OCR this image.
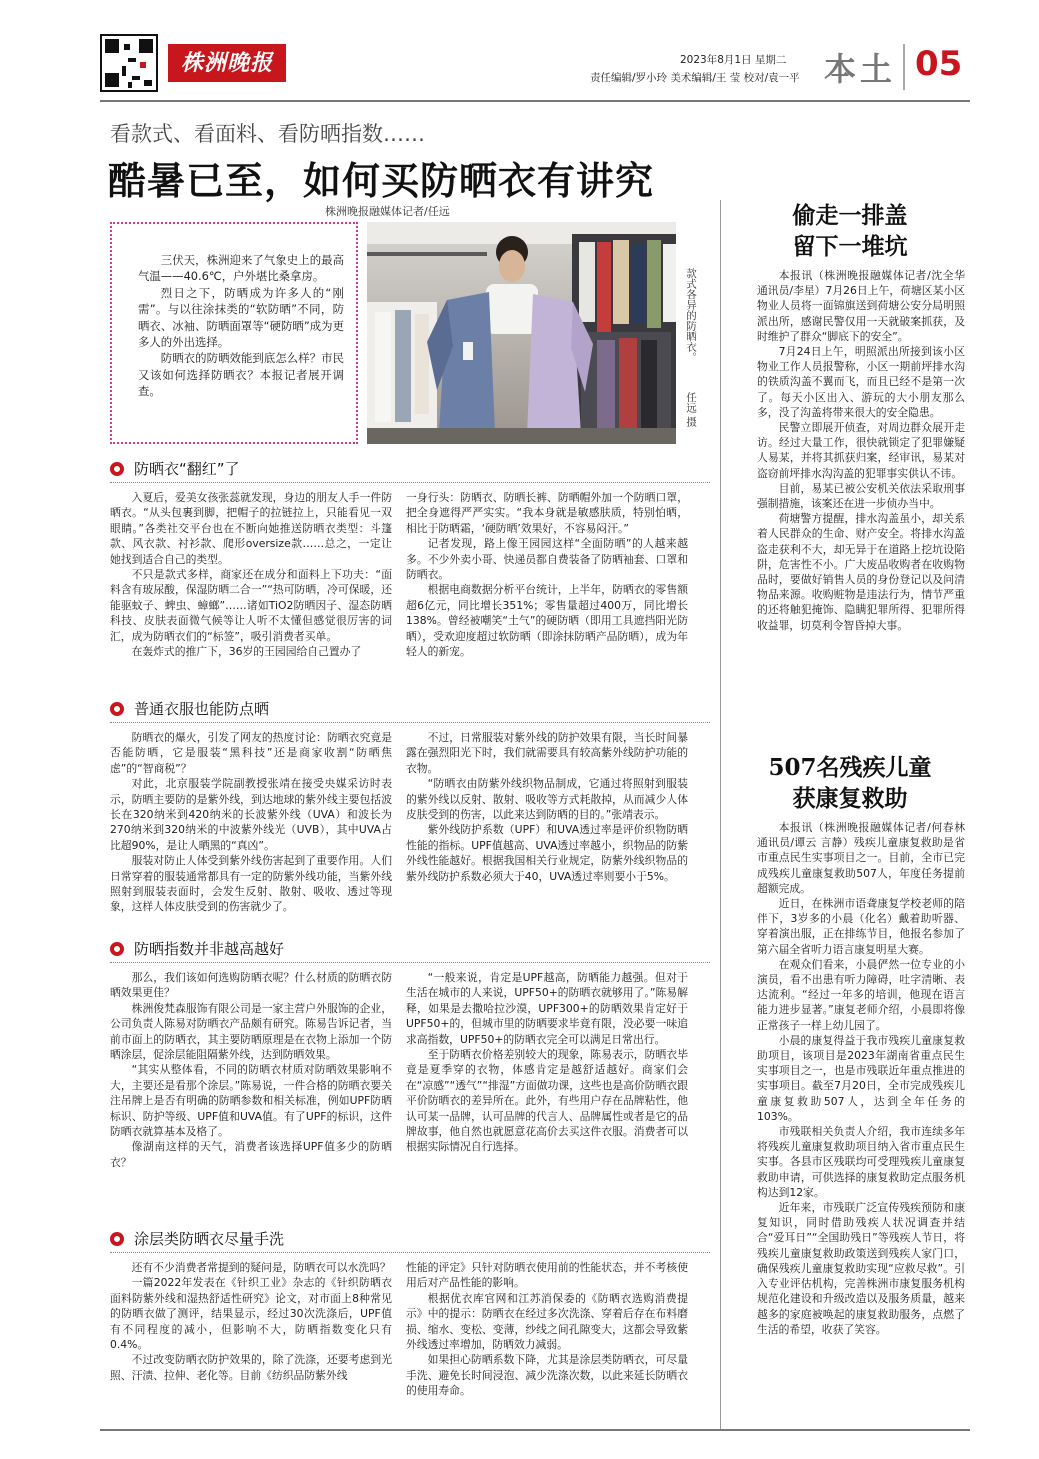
株洲晚报	2023年8月1日 星期二
责任编辑/罗小玲 美术编辑/王 莹 校对/袁一平 本土 05
看款式、看面料、看防晒指数……
酷暑已至，如何买防晒衣有讲究
株洲晚报融媒体记者/任远

三伏天，株洲迎来了气象史上的最高气温——40.6℃，户外堪比桑拿房。

烈日之下，防晒成为许多人的“刚需”。与以往涂抹类的“软防晒”不同，防晒衣、冰袖、防晒面罩等“硬防晒”成为更多人的外出选择。

防晒衣的防晒效能到底怎么样？市民又该如何选择防晒衣？本报记者展开调查。

款式各异的防晒衣。
任远 摄
防晒衣“翻红”了

入夏后，爱美女孩张蕊就发现，身边的朋友人手一件防晒衣。“从头包裹到脚，把帽子的拉链拉上，只能看见一双眼睛。”各类社交平台也在不断向她推送防晒衣类型：斗篷款、风衣款、衬衫款、爬形oversize款……总之，一定让她找到适合自己的类型。

不只是款式多样，商家还在成分和面料上下功夫：“面料含有玻尿酸，保湿防晒二合一”“热可防晒，冷可保暖，还能驱蚊子、蜱虫、蟑螂”……诸如TiO2防晒因子、湿态防晒科技、皮肤表面微气候等让人听不太懂但感觉很厉害的词汇，成为防晒衣们的“标签”，吸引消费者买单。

在轰炸式的推广下，36岁的王园园给自己置办了

一身行头：防晒衣、防晒长裤、防晒帽外加一个防晒口罩，把全身遮得严严实实。“我本身就是敏感肤质，特别怕晒，相比于防晒霜，‘硬防晒’效果好，不容易闷汗。”

记者发现，路上像王园园这样“全面防晒”的人越来越多。不少外卖小哥、快递员都自费装备了防晒袖套、口罩和防晒衣。

根据电商数据分析平台统计，上半年，防晒衣的零售额超6亿元，同比增长351%；零售量超过400万，同比增长138%。曾经被嘲笑“土气”的硬防晒（即用工具遮挡阳光防晒），受欢迎度超过软防晒（即涂抹防晒产品防晒），成为年轻人的新宠。

普通衣服也能防点晒

防晒衣的爆火，引发了网友的热度讨论：防晒衣究竟是否能防晒，它是服装“黑科技”还是商家收割“防晒焦虑”的“智商税”？

对此，北京服装学院副教授张靖在接受央媒采访时表示，防晒主要防的是紫外线，到达地球的紫外线主要包括波长在320纳米到420纳米的长波紫外线（UVA）和波长为270纳米到320纳米的中波紫外线光（UVB），其中UVA占比超90%，是让人晒黑的“真凶”。

服装对防止人体受到紫外线伤害起到了重要作用。人们日常穿着的服装通常都具有一定的防紫外线功能，当紫外线照射到服装表面时，会发生反射、散射、吸收、透过等现象，这样人体皮肤受到的伤害就少了。

不过，日常服装对紫外线的防护效果有限，当长时间暴露在强烈阳光下时，我们就需要具有较高紫外线防护功能的衣物。

“防晒衣由防紫外线织物品制成，它通过将照射到服装的紫外线以反射、散射、吸收等方式耗散掉，从而减少人体皮肤受到的伤害，以此来达到防晒的目的。”张靖表示。

紫外线防护系数（UPF）和UVA透过率是评价织物防晒性能的指标。UPF值越高、UVA透过率越小，织物品的防紫外线性能越好。根据我国相关行业规定，防紫外线织物品的紫外线防护系数必须大于40，UVA透过率则要小于5%。

防晒指数并非越高越好

那么，我们该如何选购防晒衣呢？什么材质的防晒衣防晒效果更佳？

株洲俊梵森服饰有限公司是一家主营户外服饰的企业，公司负责人陈易对防晒衣产品颇有研究。陈易告诉记者，当前市面上的防晒衣，其主要防晒原理是在衣物上添加一个防晒涂层，促涂层能阻隔紫外线，达到防晒效果。

“其实从整体看，不同的防晒衣材质对防晒效果影响不大，主要还是看那个涂层。”陈易说，一件合格的防晒衣要关注吊牌上是否有明确的防晒参数和相关标准，例如UPF防晒标识、防护等级、UPF值和UVA值。有了UPF的标识，这件防晒衣就算基本及格了。

像湖南这样的天气，消费者该选择UPF值多少的防晒衣？

“一般来说，肯定是UPF越高，防晒能力越强。但对于生活在城市的人来说，UPF50+的防晒衣就够用了。”陈易解释，如果是去撒哈拉沙漠，UPF300+的防晒效果肯定好于UPF50+的，但城市里的防晒要求毕竟有限，没必要一味追求高指数，UPF50+的防晒衣完全可以满足日常出行。

至于防晒衣价格差别较大的现象，陈易表示，防晒衣毕竟是夏季穿的衣物，体感肯定是越舒适越好。商家们会在“凉感”“透气”“排湿”方面做功课，这些也是高价防晒衣跟平价防晒衣的差异所在。此外，有些用户存在品牌粘性，他认可某一品牌，认可品牌的代言人、品牌属性或者是它的品牌故事，他自然也就愿意花高价去买这件衣服。消费者可以根据实际情况自行选择。

涂层类防晒衣尽量手洗

还有不少消费者常提到的疑问是，防晒衣可以水洗吗？

一篇2022年发表在《针织工业》杂志的《针织防晒衣面料防紫外线和湿热舒适性研究》论文，对市面上8种常见的防晒衣做了测评，结果显示，经过30次洗涤后，UPF值有不同程度的减小，但影响不大，防晒指数变化只有0.4%。

不过改变防晒衣防护效果的，除了洗涤，还要考虑到光照、汗渍、拉伸、老化等。目前《纺织品防紫外线

性能的评定》只针对防晒衣使用前的性能状态，并不考核使用后对产品性能的影响。

根据优衣库官网和江苏消保委的《防晒衣选购消费提示》中的提示：防晒衣在经过多次洗涤、穿着后存在布料磨损、缩水、变松、变薄，纱线之间孔隙变大，这都会导致紫外线透过率增加，防晒效力减弱。

如果担心防晒系数下降，尤其是涂层类防晒衣，可尽量手洗、避免长时间浸泡、减少洗涤次数，以此来延长防晒衣的使用寿命。

偷走一排盖
留下一堆坑

本报讯（株洲晚报融媒体记者/沈全华 通讯员/李星）7月26日上午，荷塘区某小区物业人员将一面锦旗送到荷塘公安分局明照派出所，感谢民警仅用一天就破案抓获，及时维护了群众“脚底下的安全”。

7月24日上午，明照派出所接到该小区物业工作人员报警称，小区一期前坪排水沟的铁质沟盖不翼而飞，而且已经不是第一次了。每天小区出入、游玩的大小朋友那么多，没了沟盖将带来很大的安全隐患。

民警立即展开侦查，对周边群众展开走访。经过大量工作，很快就锁定了犯罪嫌疑人易某，并将其抓获归案，经审讯，易某对盗窃前坪排水沟沟盖的犯罪事实供认不讳。

目前，易某已被公安机关依法采取刑事强制措施，该案还在进一步侦办当中。

荷塘警方提醒，排水沟盖虽小，却关系着人民群众的生命、财产安全。将排水沟盖盗走获利不大，却无异于在道路上挖坑设陷阱，危害性不小。广大废品收购者在收购物品时，要做好销售人员的身份登记以及问清物品来源。收购赃物是违法行为，情节严重的还将触犯掩饰、隐瞒犯罪所得、犯罪所得收益罪，切莫利令智昏掉大事。

507名残疾儿童
获康复救助

本报讯（株洲晚报融媒体记者/何春林 通讯员/谭云 言静）残疾儿童康复救助是省市重点民生实事项目之一。目前，全市已完成残疾儿童康复救助507人，年度任务提前超额完成。

近日，在株洲市语聋康复学校老师的陪伴下，3岁多的小晨（化名）戴着助听器、穿着演出服，正在排练节目，他报名参加了第六届全省听力语言康复明星大赛。

在观众们看来，小晨俨然一位专业的小演员，看不出患有听力障碍，吐字清晰、表达流利。“经过一年多的培训，他现在语言能力进步显著。”康复老师介绍，小晨即将像正常孩子一样上幼儿园了。

小晨的康复得益于我市残疾儿童康复救助项目，该项目是2023年湖南省重点民生实事项目之一，也是市残联近年重点推进的实事项目。截至7月20日，全市完成残疾儿童康复救助507人，达到全年任务的103%。

市残联相关负责人介绍，我市连续多年将残疾儿童康复救助项目纳入省市重点民生实事。各县市区残联均可受理残疾儿童康复救助申请，可供选择的康复救助定点服务机构达到12家。

近年来，市残联广泛宣传残疾预防和康复知识，同时借助残疾人状况调查并结合“爱耳日”“全国助残日”等残疾人节日，将残疾儿童康复救助政策送到残疾人家门口，确保残疾儿童康复救助实现“应救尽救”。引入专业评估机构，完善株洲市康复服务机构规范化建设和升级改造以及服务质量，越来越多的家庭被唤起的康复救助服务，点燃了生活的希望，收获了笑容。
